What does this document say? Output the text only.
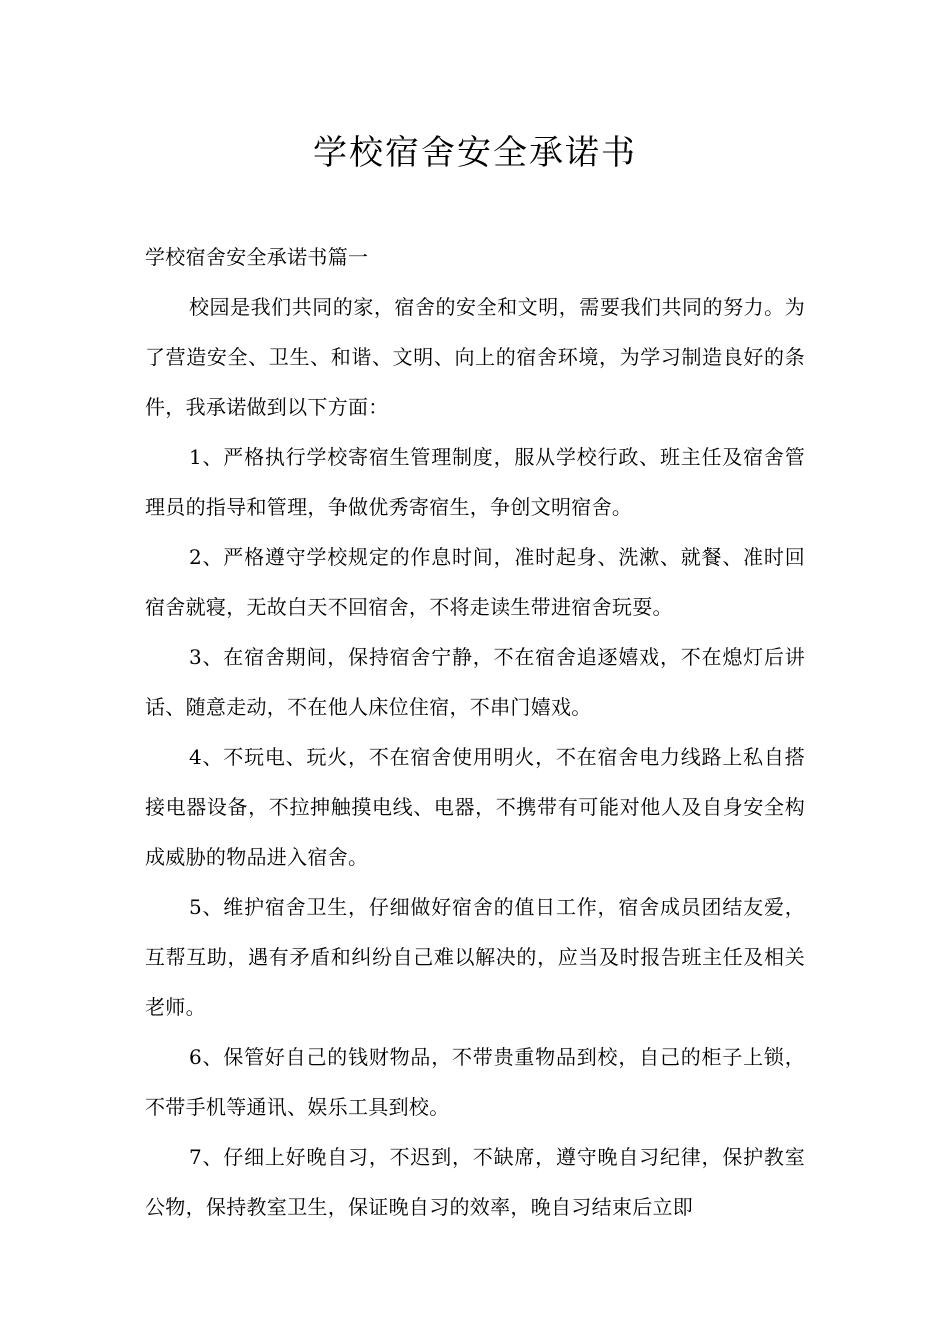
学校宿舍安全承诺书

学校宿舍安全承诺书篇一

校园是我们共同的家，宿舍的安全和文明，需要我们共同的努力。为了营造安全、卫生、和谐、文明、向上的宿舍环境，为学习制造良好的条件，我承诺做到以下方面：

1、严格执行学校寄宿生管理制度，服从学校行政、班主任及宿舍管理员的指导和管理，争做优秀寄宿生，争创文明宿舍。

2、严格遵守学校规定的作息时间，准时起身、洗漱、就餐、准时回宿舍就寝，无故白天不回宿舍，不将走读生带进宿舍玩耍。

3、在宿舍期间，保持宿舍宁静，不在宿舍追逐嬉戏，不在熄灯后讲话、随意走动，不在他人床位住宿，不串门嬉戏。

4、不玩电、玩火，不在宿舍使用明火，不在宿舍电力线路上私自搭接电器设备，不拉抻触摸电线、电器，不携带有可能对他人及自身安全构成威胁的物品进入宿舍。

5、维护宿舍卫生，仔细做好宿舍的值日工作，宿舍成员团结友爱，互帮互助，遇有矛盾和纠纷自己难以解决的，应当及时报告班主任及相关老师。

6、保管好自己的钱财物品，不带贵重物品到校，自己的柜子上锁，不带手机等通讯、娱乐工具到校。

7、仔细上好晚自习，不迟到，不缺席，遵守晚自习纪律，保护教室公物，保持教室卫生，保证晚自习的效率，晚自习结束后立即
